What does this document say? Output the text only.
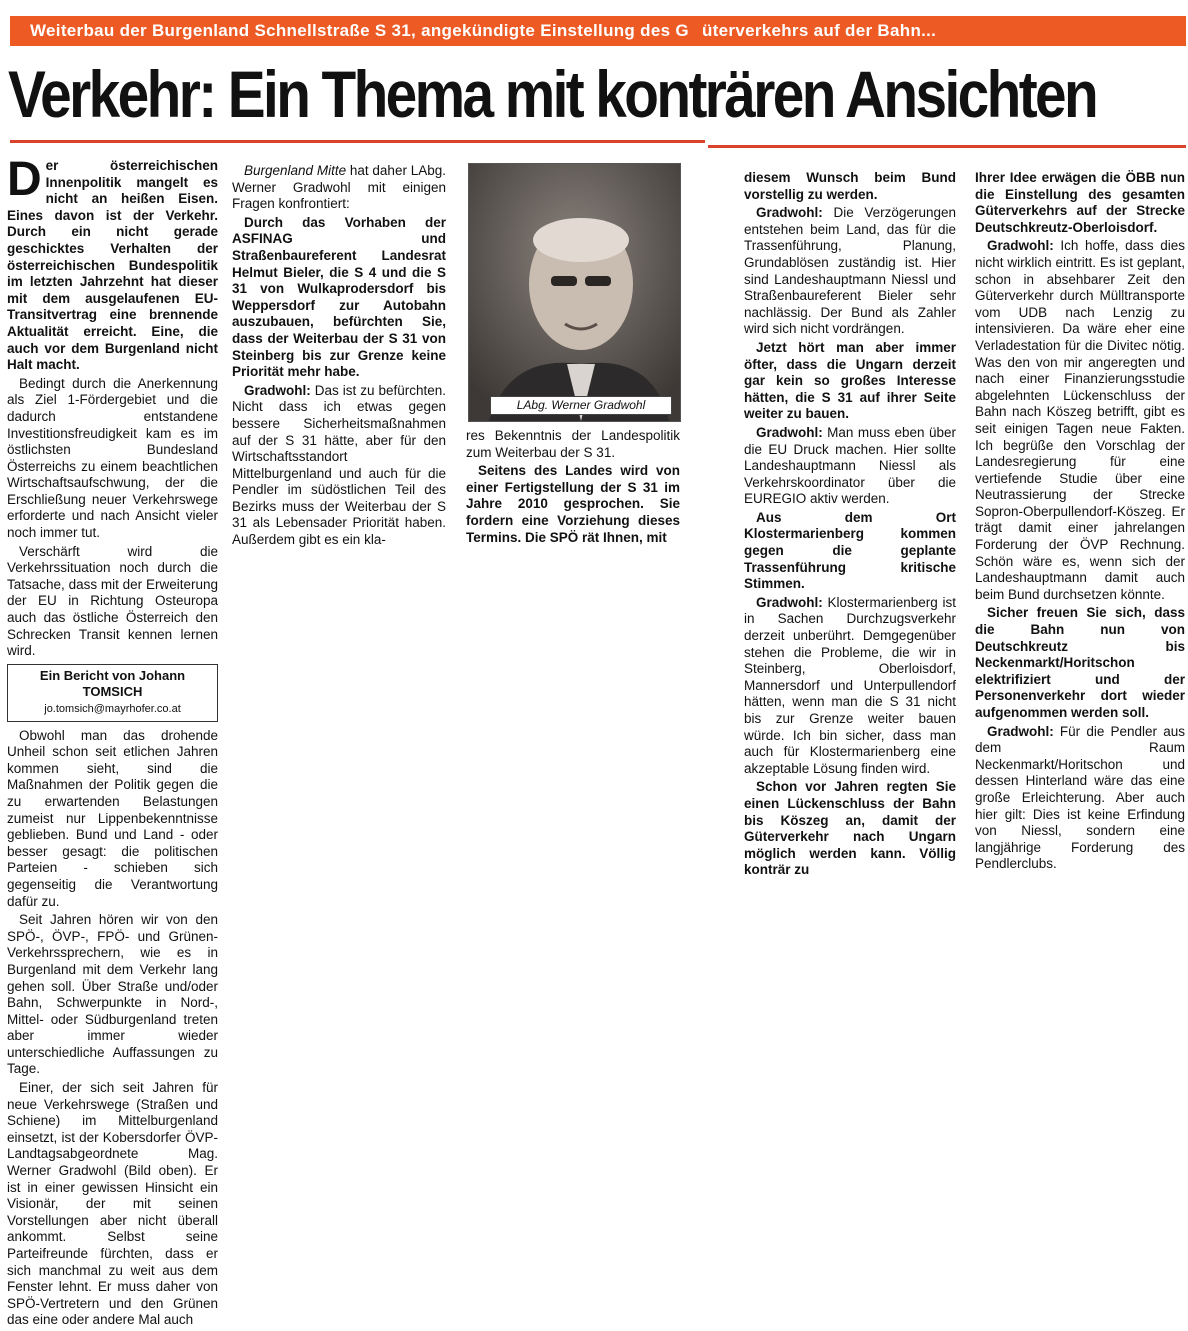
Weiterbau der Burgenland Schnellstraße S 31, angekündigte Einstellung des G üterverkehrs auf der Bahn...
Verkehr: Ein Thema mit konträren Ansichten

Der österreichischen Innenpolitik mangelt es nicht an heißen Eisen. Eines davon ist der Verkehr. Durch ein nicht gerade geschicktes Verhalten der österreichischen Bundespolitik im letzten Jahrzehnt hat dieser mit dem ausgelaufenen EU-Transitvertrag eine brennende Aktualität erreicht. Eine, die auch vor dem Burgenland nicht Halt macht.

Bedingt durch die Anerkennung als Ziel 1-Fördergebiet und die dadurch entstandene Investitionsfreudigkeit kam es im östlichsten Bundesland Österreichs zu einem beachtlichen Wirtschaftsaufschwung, der die Erschließung neuer Verkehrswege erforderte und nach Ansicht vieler noch immer tut.

Verschärft wird die Verkehrssituation noch durch die Tatsache, dass mit der Erweiterung der EU in Richtung Osteuropa auch das östliche Österreich den Schrecken Transit kennen lernen wird.

Ein Bericht von Johann TOMSICH
jo.tomsich@mayrhofer.co.at

Obwohl man das drohende Unheil schon seit etlichen Jahren kommen sieht, sind die Maßnahmen der Politik gegen die zu erwartenden Belastungen zumeist nur Lippenbekenntnisse geblieben. Bund und Land - oder besser gesagt: die politischen Parteien - schieben sich gegenseitig die Verantwortung dafür zu.

Seit Jahren hören wir von den SPÖ-, ÖVP-, FPÖ- und Grünen-Verkehrssprechern, wie es in Burgenland mit dem Verkehr lang gehen soll. Über Straße und/oder Bahn, Schwerpunkte in Nord-, Mittel- oder Südburgenland treten aber immer wieder unterschiedliche Auffassungen zu Tage.

Einer, der sich seit Jahren für neue Verkehrswege (Straßen und Schiene) im Mittelburgenland einsetzt, ist der Kobersdorfer ÖVP-Landtagsabgeordnete Mag. Werner Gradwohl (Bild oben). Er ist in einer gewissen Hinsicht ein Visionär, der mit seinen Vorstellungen aber nicht überall ankommt. Selbst seine Parteifreunde fürchten, dass er sich manchmal zu weit aus dem Fenster lehnt. Er muss daher von SPÖ-Vertretern und den Grünen das eine oder andere Mal auch

Burgenland Mitte hat daher LAbg. Werner Gradwohl mit einigen Fragen konfrontiert:

Durch das Vorhaben der ASFINAG und Straßenbaureferent Landesrat Helmut Bieler, die S 4 und die S 31 von Wulkaprodersdorf bis Weppersdorf zur Autobahn auszubauen, befürchten Sie, dass der Weiterbau der S 31 von Steinberg bis zur Grenze keine Priorität mehr habe.

Gradwohl: Das ist zu befürchten. Nicht dass ich etwas gegen bessere Sicherheitsmaßnahmen auf der S 31 hätte, aber für den Wirtschaftsstandort Mittelburgenland und auch für die Pendler im südöstlichen Teil des Bezirks muss der Weiterbau der S 31 als Lebensader Priorität haben. Außerdem gibt es ein kla-

LAbg. Werner Gradwohl

res Bekenntnis der Landespolitik zum Weiterbau der S 31.

Seitens des Landes wird von einer Fertigstellung der S 31 im Jahre 2010 gesprochen. Sie fordern eine Vorziehung dieses Termins. Die SPÖ rät Ihnen, mit

diesem Wunsch beim Bund vorstellig zu werden.

Gradwohl: Die Verzögerungen entstehen beim Land, das für die Trassenführung, Planung, Grundablösen zuständig ist. Hier sind Landeshauptmann Niessl und Straßenbaureferent Bieler sehr nachlässig. Der Bund als Zahler wird sich nicht vordrängen.

Jetzt hört man aber immer öfter, dass die Ungarn derzeit gar kein so großes Interesse hätten, die S 31 auf ihrer Seite weiter zu bauen.

Gradwohl: Man muss eben über die EU Druck machen. Hier sollte Landeshauptmann Niessl als Verkehrskoordinator über die EUREGIO aktiv werden.

Aus dem Ort Klostermarienberg kommen gegen die geplante Trassenführung kritische Stimmen.

Gradwohl: Klostermarienberg ist in Sachen Durchzugsverkehr derzeit unberührt. Demgegenüber stehen die Probleme, die wir in Steinberg, Oberloisdorf, Mannersdorf und Unterpullendorf hätten, wenn man die S 31 nicht bis zur Grenze weiter bauen würde. Ich bin sicher, dass man auch für Klostermarienberg eine akzeptable Lösung finden wird.

Schon vor Jahren regten Sie einen Lückenschluss der Bahn bis Köszeg an, damit der Güterverkehr nach Ungarn möglich werden kann. Völlig konträr zu

Ihrer Idee erwägen die ÖBB nun die Einstellung des gesamten Güterverkehrs auf der Strecke Deutschkreutz-Oberloisdorf.

Gradwohl: Ich hoffe, dass dies nicht wirklich eintritt. Es ist geplant, schon in absehbarer Zeit den Güterverkehr durch Mülltransporte vom UDB nach Lenzig zu intensivieren. Da wäre eher eine Verladestation für die Divitec nötig. Was den von mir angeregten und nach einer Finanzierungsstudie abgelehnten Lückenschluss der Bahn nach Köszeg betrifft, gibt es seit einigen Tagen neue Fakten. Ich begrüße den Vorschlag der Landesregierung für eine vertiefende Studie über eine Neutrassierung der Strecke Sopron-Oberpullendorf-Köszeg. Er trägt damit einer jahrelangen Forderung der ÖVP Rechnung. Schön wäre es, wenn sich der Landeshauptmann damit auch beim Bund durchsetzen könnte.

Sicher freuen Sie sich, dass die Bahn nun von Deutschkreutz bis Neckenmarkt/Horitschon elektrifiziert und der Personenverkehr dort wieder aufgenommen werden soll.

Gradwohl: Für die Pendler aus dem Raum Neckenmarkt/Horitschon und dessen Hinterland wäre das eine große Erleichterung. Aber auch hier gilt: Dies ist keine Erfindung von Niessl, sondern eine langjährige Forderung des Pendlerclubs.
